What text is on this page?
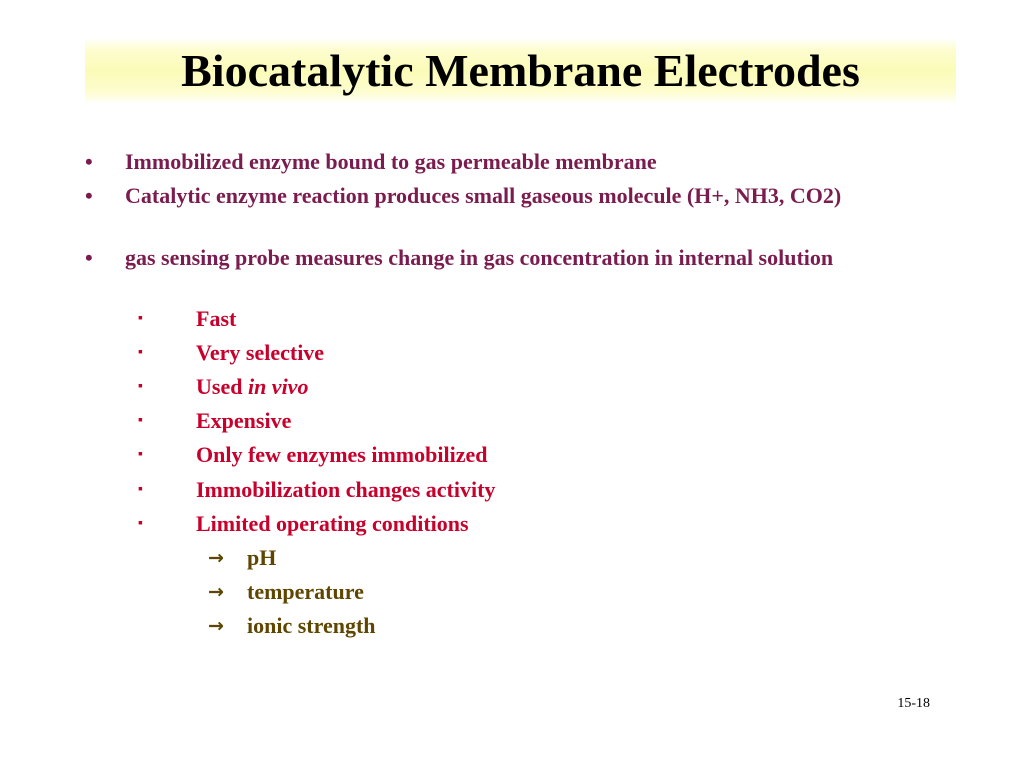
Biocatalytic Membrane Electrodes
•	Immobilized enzyme bound to gas permeable membrane
•	Catalytic enzyme reaction produces small gaseous molecule (H+, NH3, CO2)
•	gas sensing probe measures change in gas concentration in internal solution
▪ Fast
▪ Very selective
▪ Used in vivo
▪ Expensive
▪ Only few enzymes immobilized
▪ Immobilization changes activity
▪ Limited operating conditions
→ pH
→ temperature
→ ionic strength
15-18
